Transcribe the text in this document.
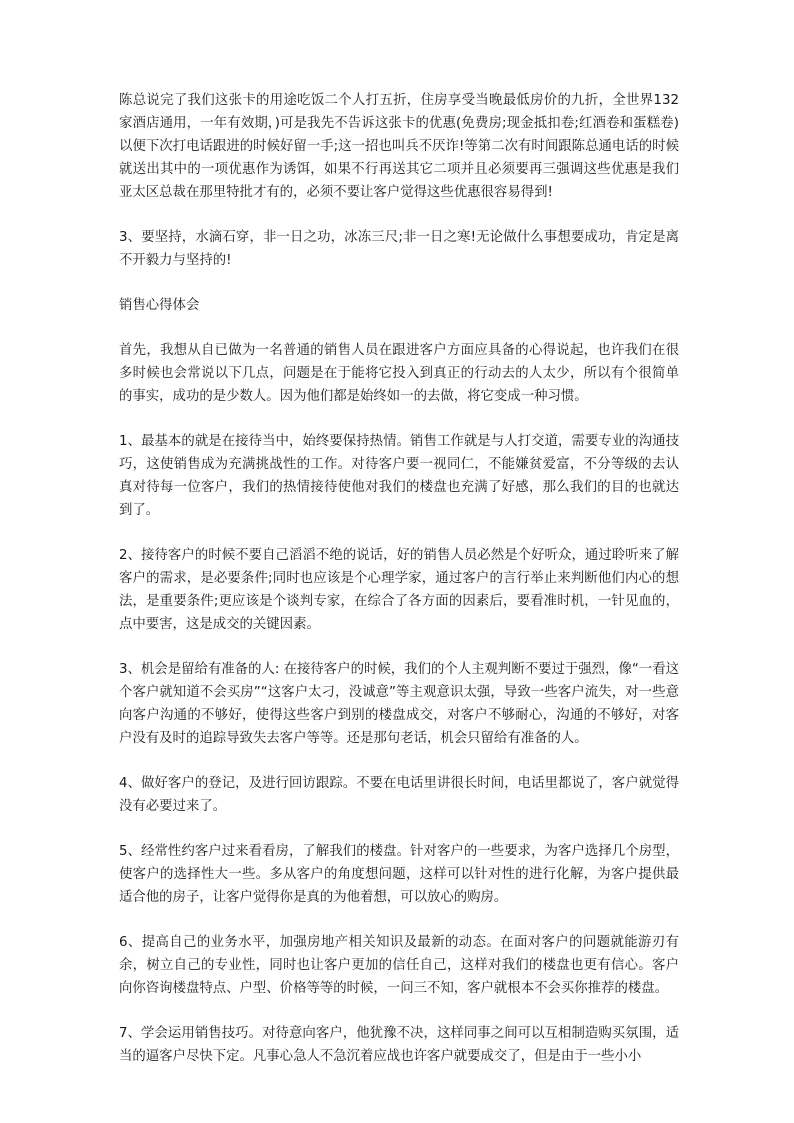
陈总说完了我们这张卡的用途吃饭二个人打五折，住房享受当晚最低房价的九折，全世界132家酒店通用，一年有效期，)可是我先不告诉这张卡的优惠(免费房;现金抵扣卷;红酒卷和蛋糕卷)以便下次打电话跟进的时候好留一手;这一招也叫兵不厌诈!等第二次有时间跟陈总通电话的时候就送出其中的一项优惠作为诱饵，如果不行再送其它二项并且必须要再三强调这些优惠是我们亚太区总裁在那里特批才有的，必须不要让客户觉得这些优惠很容易得到!

3、要坚持，水滴石穿，非一日之功，冰冻三尺;非一日之寒!无论做什么事想要成功，肯定是离不开毅力与坚持的!

销售心得体会

首先，我想从自已做为一名普通的销售人员在跟进客户方面应具备的心得说起，也许我们在很多时候也会常说以下几点，问题是在于能将它投入到真正的行动去的人太少，所以有个很简单的事实，成功的是少数人。因为他们都是始终如一的去做，将它变成一种习惯。

1、最基本的就是在接待当中，始终要保持热情。销售工作就是与人打交道，需要专业的沟通技巧，这使销售成为充满挑战性的工作。对待客户要一视同仁，不能嫌贫爱富，不分等级的去认真对待每一位客户，我们的热情接待使他对我们的楼盘也充满了好感，那么我们的目的也就达到了。

2、接待客户的时候不要自己滔滔不绝的说话，好的销售人员必然是个好听众，通过聆听来了解客户的需求，是必要条件;同时也应该是个心理学家，通过客户的言行举止来判断他们内心的想法，是重要条件;更应该是个谈判专家，在综合了各方面的因素后，要看准时机，一针见血的，点中要害，这是成交的关键因素。

3、机会是留给有准备的人: 在接待客户的时候，我们的个人主观判断不要过于强烈，像“一看这个客户就知道不会买房”“这客户太刁，没诚意”等主观意识太强，导致一些客户流失，对一些意向客户沟通的不够好，使得这些客户到别的楼盘成交，对客户不够耐心，沟通的不够好，对客户没有及时的追踪导致失去客户等等。还是那句老话，机会只留给有准备的人。

4、做好客户的登记，及进行回访跟踪。不要在电话里讲很长时间，电话里都说了，客户就觉得没有必要过来了。

5、经常性约客户过来看看房，了解我们的楼盘。针对客户的一些要求，为客户选择几个房型，使客户的选择性大一些。多从客户的角度想问题，这样可以针对性的进行化解，为客户提供最适合他的房子，让客户觉得你是真的为他着想，可以放心的购房。

6、提高自己的业务水平，加强房地产相关知识及最新的动态。在面对客户的问题就能游刃有余，树立自己的专业性，同时也让客户更加的信任自己，这样对我们的楼盘也更有信心。客户向你咨询楼盘特点、户型、价格等等的时候，一问三不知，客户就根本不会买你推荐的楼盘。

7、学会运用销售技巧。对待意向客户，他犹豫不决，这样同事之间可以互相制造购买氛围，适当的逼客户尽快下定。凡事心急人不急沉着应战也许客户就要成交了，但是由于一些小小
